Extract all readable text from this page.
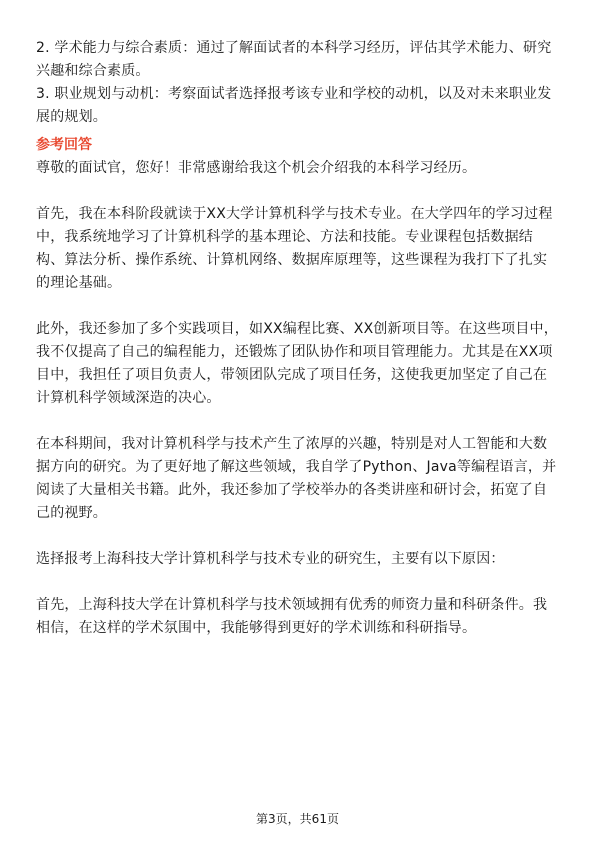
2. 学术能力与综合素质：通过了解面试者的本科学习经历，评估其学术能力、研究兴趣和综合素质。

3. 职业规划与动机：考察面试者选择报考该专业和学校的动机，以及对未来职业发展的规划。

参考回答

尊敬的面试官，您好！非常感谢给我这个机会介绍我的本科学习经历。

首先，我在本科阶段就读于XX大学计算机科学与技术专业。在大学四年的学习过程中，我系统地学习了计算机科学的基本理论、方法和技能。专业课程包括数据结构、算法分析、操作系统、计算机网络、数据库原理等，这些课程为我打下了扎实的理论基础。

此外，我还参加了多个实践项目，如XX编程比赛、XX创新项目等。在这些项目中，我不仅提高了自己的编程能力，还锻炼了团队协作和项目管理能力。尤其是在XX项目中，我担任了项目负责人，带领团队完成了项目任务，这使我更加坚定了自己在计算机科学领域深造的决心。

在本科期间，我对计算机科学与技术产生了浓厚的兴趣，特别是对人工智能和大数据方向的研究。为了更好地了解这些领域，我自学了Python、Java等编程语言，并阅读了大量相关书籍。此外，我还参加了学校举办的各类讲座和研讨会，拓宽了自己的视野。

选择报考上海科技大学计算机科学与技术专业的研究生，主要有以下原因：

首先，上海科技大学在计算机科学与技术领域拥有优秀的师资力量和科研条件。我相信，在这样的学术氛围中，我能够得到更好的学术训练和科研指导。

第3页，共61页
